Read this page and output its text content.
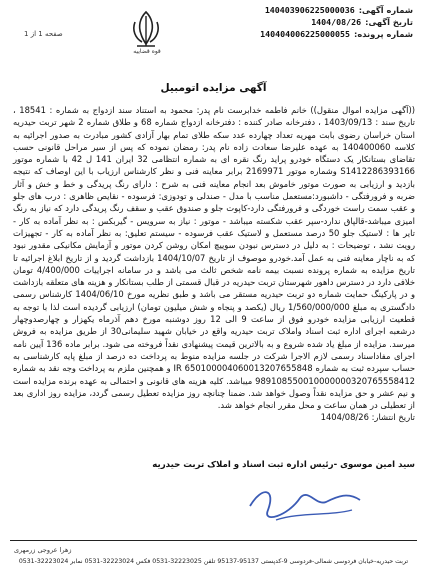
شماره آگهی:
140403906225000036
تاریخ آگهی:
1404/08/26
شماره پرونده:
140404006225000055
قوه قضاییه
صفحه 1 از 1
آگهی مزایده اتومبیل
((آگهی مزایده اموال منقول)) خانم فاطمه خدابرست نام پدر: محمود به استناد سند ازدواج به شماره : 18541 ، تاریخ سند : 1403/09/13 ، دفترخانه صادر کننده : دفترخانه ازدواج شماره 68 و طلاق شماره 2 شهر تربت حیدریه استان خراسان رضوی بابت مهریه تعداد چهارده عدد سکه طلای تمام بهار آزادی کشور مبادرت به صدور اجرائیه به کلاسه 140400060 به عهده علیرضا سعادت زاده نام پدر: رمضان نموده که پس از سیر مراحل قانونی حسب تقاضای بستانکار یک دستگاه خودرو پراید رنگ نقره ای به شماره انتظامی 32 ایران 141 ل 42 با شماره موتور S1412286393166 وشماره موتور 2169971 برابر معاینه فنی و نظر کارشناس ارزیاب با این اوصاف که نتیجه بازدید و ارزیابی به صورت موتور خاموش بعد انجام معاینه فنی به شرح : دارای رنگ پریدگی و خط و خش و آثار ضربه و فرورفتگی - داشبورد:مستعمل مناسب با مدل - صندلی و تودوزی: فرسوده - نقایص ظاهری : درب های جلو و عقب سمت راست خوردگی و فرورفتگی دارد-کاپوت جلو و صندوق عقب و سقف رنگ پریدگی دارد که نیاز به رنگ امیزی میباشد-قالپاق ندارد-سپر عقب شکسته میباشد - موتور : نیاز به سرویس - گیربکس : به نظر آماده به کار - تایر ها : لاستیک جلو 50 درصد مستعمل و لاستیک عقب فرسوده - سیستم تعلیق: به نظر آماده به کار - تجهیزات رویت نشد ، توضیحات : به دلیل در دسترس نبودن سوییچ امکان روشن کردن موتور و آزمایش مکانیکی مقدور نبود که به ناچار معاینه فنی به عمل آمد.خودرو موصوف از تاریخ 1404/10/07 بازداشت گردید و از تاریخ ابلاغ اجرائیه تا تاریخ مزایده به شماره پرونده نسبت بیمه نامه شخص ثالث می باشد و در سامانه اجراییات 4/400/000 تومان خلافی دارد در دسترس داهور شهرستان تربت حیدریه در قبال قسمتی از طلب بستانکار و هزینه های متعلقه بازداشت و در پارکینگ حمایت شماره دو تربت حیدریه مستقر می باشد و طبق نظریه مورخ 1404/06/10 کارشناس رسمی دادگستری به مبلغ 1/560/000/000 ریال (یکصد و پنجاه و شش میلیون تومان) ارزیابی گردیده است لذا با توجه به قطعیت ارزیابی مزایده خودرو فوق از ساعت 9 الی 12 روز دوشنبه مورخ دهم آذرماه یکهزار و چهارصدوچهار درشعبه اجرای اداره ثبت اسناد واملاک تربت حیدریه واقع در خیابان شهید سلیمانی30 از طریق مزایده به فروش میرسد. مزایده از مبلغ یاد شده شروع و به بالاترین قیمت پیشنهادی نقداً فروخته می شود. برابر ماده 136 آیین نامه اجرای مفاداسناد رسمی لازم الاجرا شرکت در جلسه مزایده منوط به پرداخت ده درصد از مبلغ پایه کارشناسی به حساب سپرده ثبت به شماره IR 650100004060013207655848 و همچنین ملزم به پرداخت وجه نقد به شماره 989108550010000000320765558412 میباشد. کلیه هزینه های قانونی و احتمالی به عهده برنده مزایده است و نیم عشر و حق مزایده نقداً وصول خواهد شد. ضمنا چنانچه روز مزایده تعطیل رسمی گردد، مزایده روز اداری بعد از تعطیلی در همان ساعت و محل مقرر انجام خواهد شد.
تاریخ انتشار: 1404/08/26
سید امین موسوی -رئیس اداره ثبت اسناد و املاک تربت حیدریه
زهرا عروجی زرمهری
تربت حیدریه-خیابان فردوسی شمالی-فردوسی 9-کدپستی 95137-95137 تلفن 32223025-0531 فکس 32223024-0531 نمابر 32223024-0531
